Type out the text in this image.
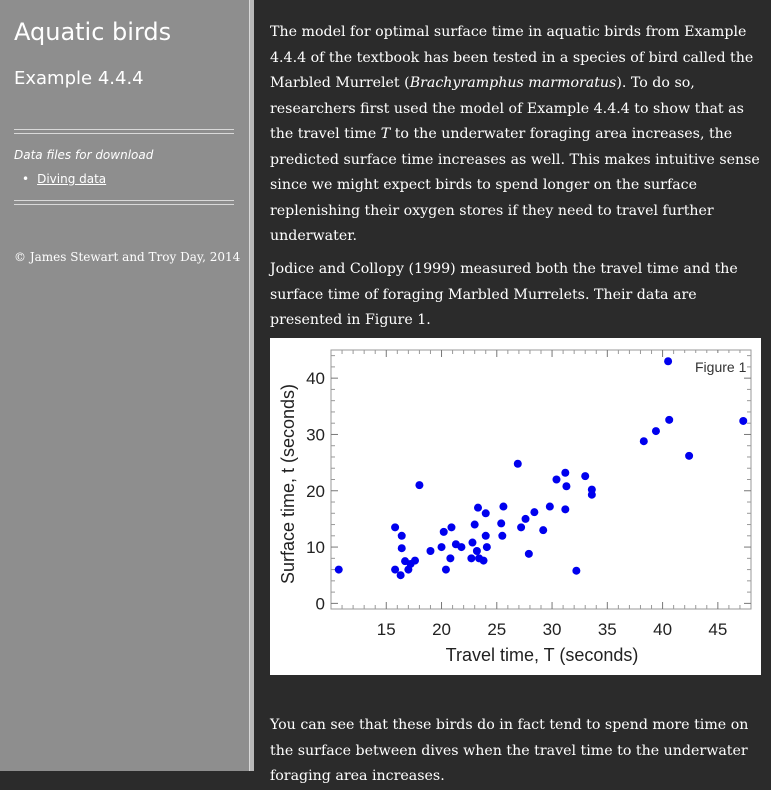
Aquatic birds
Example 4.4.4
Data files for download
• Diving data
© James Stewart and Troy Day, 2014

The model for optimal surface time in aquatic birds from Example 4.4.4 of the textbook has been tested in a species of bird called the Marbled Murrelet (Brachyramphus marmoratus). To do so, researchers first used the model of Example 4.4.4 to show that as the travel time T to the underwater foraging area increases, the predicted surface time increases as well. This makes intuitive sense since we might expect birds to spend longer on the surface replenishing their oxygen stores if they need to travel further underwater.

Jodice and Collopy (1999) measured both the travel time and the surface time of foraging Marbled Murrelets. Their data are presented in Figure 1.

You can see that these birds do in fact tend to spend more time on the surface between dives when the travel time to the underwater foraging area increases.

15 20 25 30 35 40 45
0
10
20
30
40
Figure 1
Travel time, T (seconds)
Surface time, t (seconds)
